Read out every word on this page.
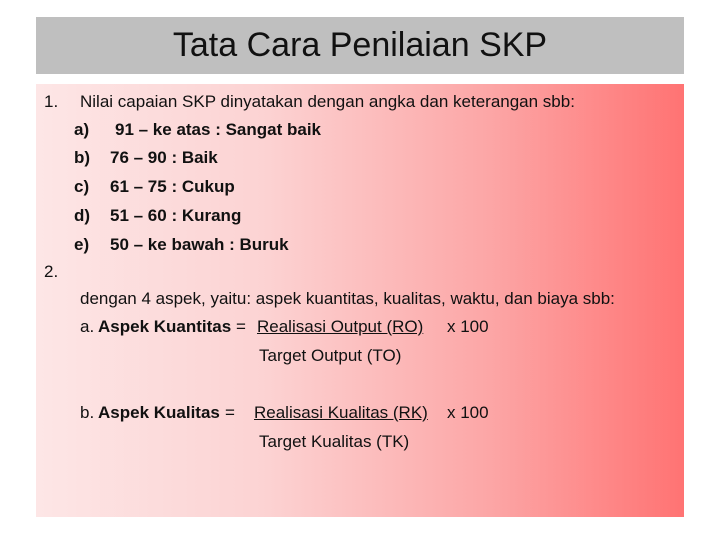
Tata Cara Penilaian SKP
1. Nilai capaian SKP dinyatakan dengan angka dan keterangan sbb:
a) 91 – ke atas : Sangat baik
b) 76 – 90 : Baik
c) 61 – 75 : Cukup
d) 51 – 60 : Kurang
e) 50 – ke bawah : Buruk
2.
dengan 4 aspek, yaitu: aspek kuantitas, kualitas, waktu, dan biaya sbb:
a. Aspek Kuantitas = Realisasi Output (RO) x 100
Target Output (TO)
b. Aspek Kualitas = Realisasi Kualitas (RK) x 100
Target Kualitas (TK)
